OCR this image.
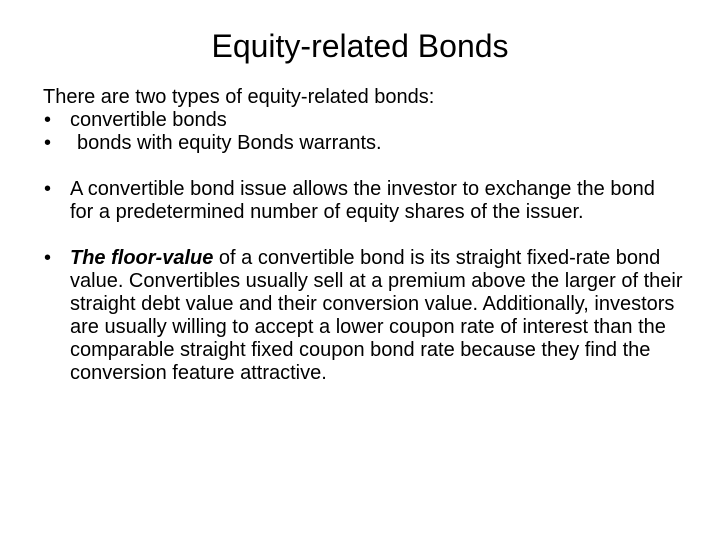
Equity-related Bonds

There are two types of equity-related bonds:

• convertible bonds
• bonds with equity Bonds warrants.
• A convertible bond issue allows the investor to exchange the bond for a predetermined number of equity shares of the issuer.
• The floor-value of a convertible bond is its straight fixed-rate bond value. Convertibles usually sell at a premium above the larger of their straight debt value and their conversion value. Additionally, investors are usually willing to accept a lower coupon rate of interest than the comparable straight fixed coupon bond rate because they find the conversion feature attractive.
